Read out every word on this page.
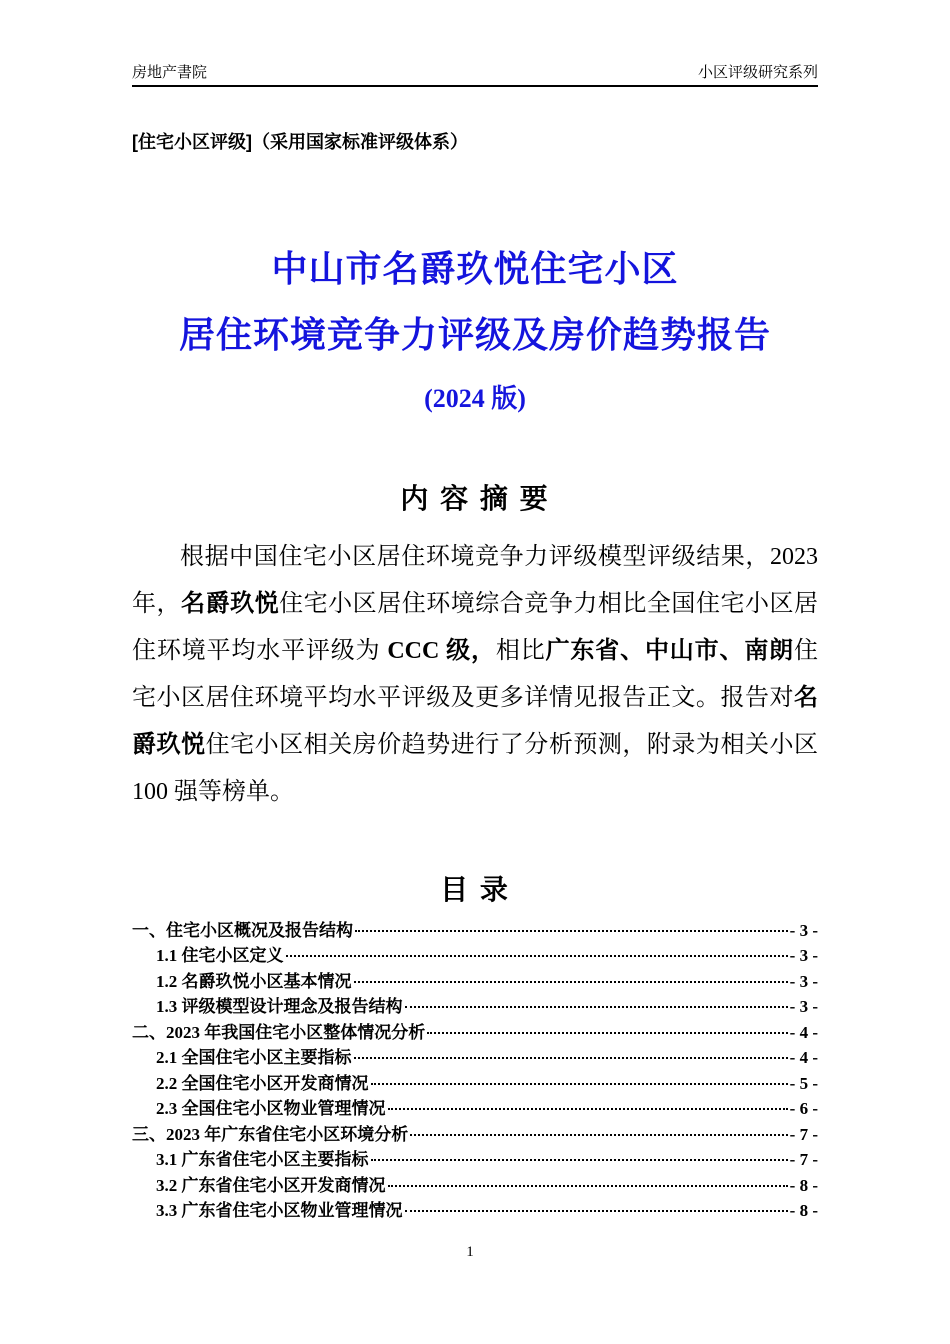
房地产書院	小区评级研究系列
[住宅小区评级]（采用国家标准评级体系）
中山市名爵玖悦住宅小区
居住环境竞争力评级及房价趋势报告
(2024 版)
内 容 摘 要

根据中国住宅小区居住环境竞争力评级模型评级结果，2023 年，名爵玖悦住宅小区居住环境综合竞争力相比全国住宅小区居住环境平均水平评级为 CCC 级，相比广东省、中山市、南朗住宅小区居住环境平均水平评级及更多详情见报告正文。报告对名爵玖悦住宅小区相关房价趋势进行了分析预测，附录为相关小区 100 强等榜单。

目 录
一、住宅小区概况及报告结构	- 3 -
1.1 住宅小区定义	- 3 -
1.2 名爵玖悦小区基本情况	- 3 -
1.3 评级模型设计理念及报告结构	- 3 -
二、2023 年我国住宅小区整体情况分析	- 4 -
2.1 全国住宅小区主要指标	- 4 -
2.2 全国住宅小区开发商情况	- 5 -
2.3 全国住宅小区物业管理情况	- 6 -
三、2023 年广东省住宅小区环境分析	- 7 -
3.1 广东省住宅小区主要指标	- 7 -
3.2 广东省住宅小区开发商情况	- 8 -
3.3 广东省住宅小区物业管理情况	- 8 -
1
